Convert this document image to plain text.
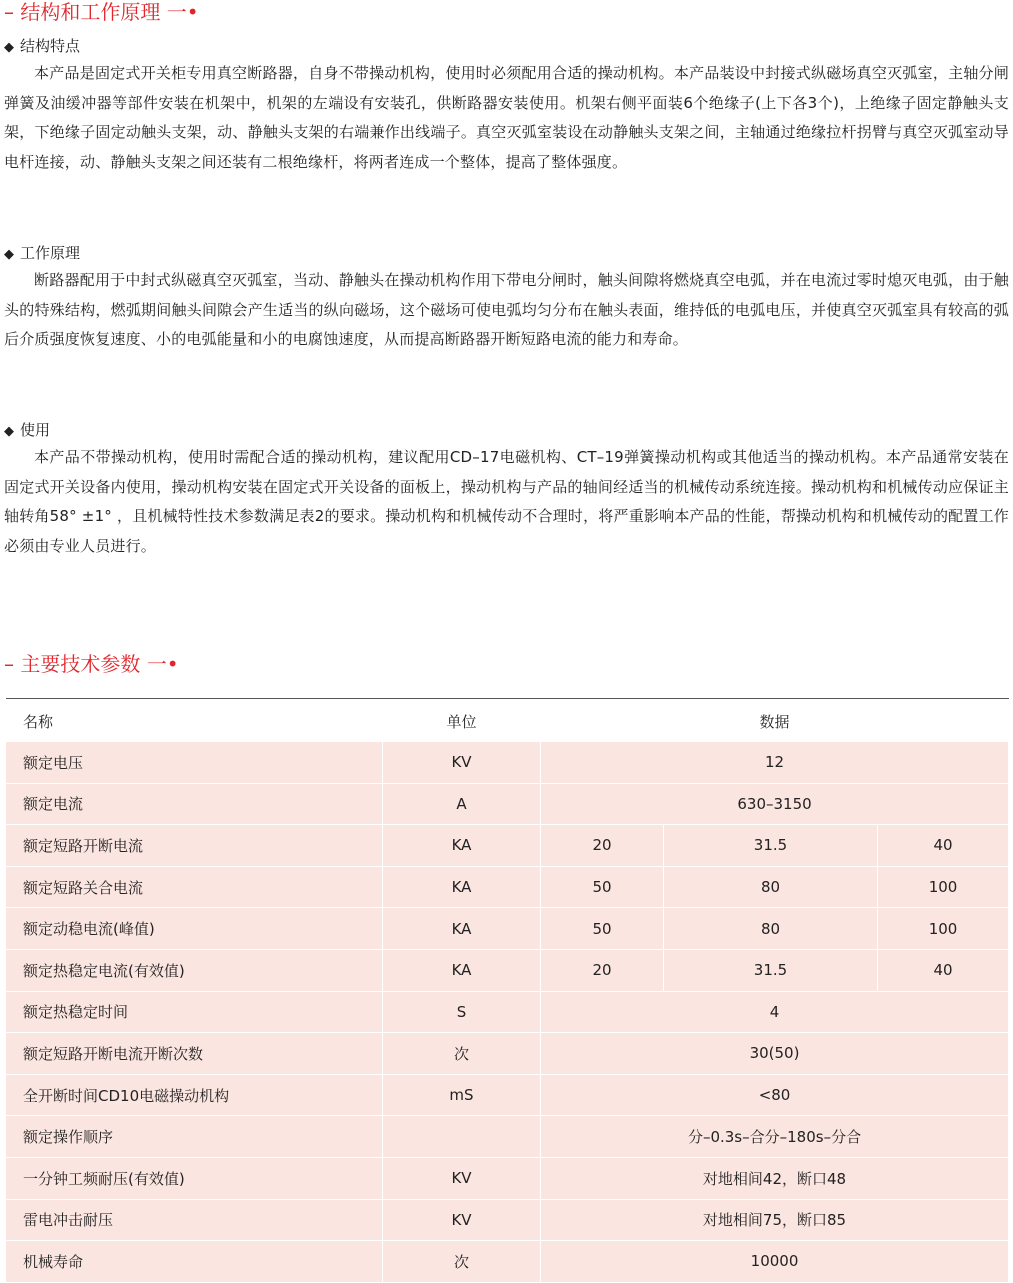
– 结构和工作原理 一•
◆ 结构特点

本产品是固定式开关柜专用真空断路器，自身不带操动机构，使用时必须配用合适的操动机构。本产品装设中封接式纵磁场真空灭弧室，主轴分闸弹簧及油缓冲器等部件安装在机架中，机架的左端设有安装孔，供断路器安装使用。机架右侧平面装6个绝缘子(上下各3个)，上绝缘子固定静触头支架，下绝缘子固定动触头支架，动、静触头支架的右端兼作出线端子。真空灭弧室装设在动静触头支架之间，主轴通过绝缘拉杆拐臂与真空灭弧室动导电杆连接，动、静触头支架之间还装有二根绝缘杆，将两者连成一个整体，提高了整体强度。

◆ 工作原理

断路器配用于中封式纵磁真空灭弧室，当动、静触头在操动机构作用下带电分闸时，触头间隙将燃烧真空电弧，并在电流过零时熄灭电弧，由于触头的特殊结构，燃弧期间触头间隙会产生适当的纵向磁场，这个磁场可使电弧均匀分布在触头表面，维持低的电弧电压，并使真空灭弧室具有较高的弧后介质强度恢复速度、小的电弧能量和小的电腐蚀速度，从而提高断路器开断短路电流的能力和寿命。

◆ 使用

本产品不带操动机构，使用时需配合适的操动机构，建议配用CD–17电磁机构、CT–19弹簧操动机构或其他适当的操动机构。本产品通常安装在固定式开关设备内使用，操动机构安装在固定式开关设备的面板上，操动机构与产品的轴间经适当的机械传动系统连接。操动机构和机械传动应保证主轴转角58° ±1° ，且机械特性技术参数满足表2的要求。操动机构和机械传动不合理时，将严重影响本产品的性能，帮操动机构和机械传动的配置工作必须由专业人员进行。

– 主要技术参数 一•
名称	单位	数据		
额定电压	KV	12		
额定电流	A	630–3150		
额定短路开断电流	KA	20	31.5	40
额定短路关合电流	KA	50	80	100
额定动稳电流(峰值)	KA	50	80	100
额定热稳定电流(有效值)	KA	20	31.5	40
额定热稳定时间	S	4		
额定短路开断电流开断次数	次	30(50)		
全开断时间CD10电磁操动机构	mS	<80		
额定操作顺序		分–0.3s–合分–180s–分合		
一分钟工频耐压(有效值)	KV	对地相间42，断口48		
雷电冲击耐压	KV	对地相间75，断口85		
机械寿命	次	10000		
